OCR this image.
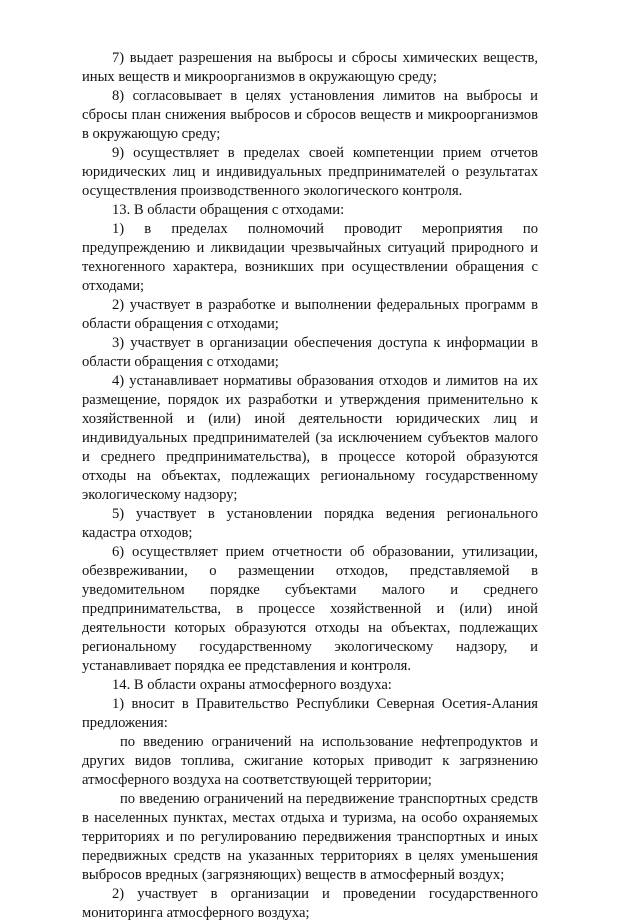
7) выдает разрешения на выбросы и сбросы химических веществ, иных веществ и микроорганизмов в окружающую среду;

8) согласовывает в целях установления лимитов на выбросы и сбросы план снижения выбросов и сбросов веществ и микроорганизмов в окружающую среду;

9) осуществляет в пределах своей компетенции прием отчетов юридических лиц и индивидуальных предпринимателей о результатах осуществления производственного экологического контроля.

13. В области обращения с отходами:

1) в пределах полномочий проводит мероприятия по предупреждению и ликвидации чрезвычайных ситуаций природного и техногенного характера, возникших при осуществлении обращения с отходами;

2) участвует в разработке и выполнении федеральных программ в области обращения с отходами;

3) участвует в организации обеспечения доступа к информации в области обращения с отходами;

4) устанавливает нормативы образования отходов и лимитов на их размещение, порядок их разработки и утверждения применительно к хозяйственной и (или) иной деятельности юридических лиц и индивидуальных предпринимателей (за исключением субъектов малого и среднего предпринимательства), в процессе которой образуются отходы на объектах, подлежащих региональному государственному экологическому надзору;

5) участвует в установлении порядка ведения регионального кадастра отходов;

6) осуществляет прием отчетности об образовании, утилизации, обезвреживании, о размещении отходов, представляемой в уведомительном порядке субъектами малого и среднего предпринимательства, в процессе хозяйственной и (или) иной деятельности которых образуются отходы на объектах, подлежащих региональному государственному экологическому надзору, и устанавливает порядка ее представления и контроля.

14. В области охраны атмосферного воздуха:

1) вносит в Правительство Республики Северная Осетия-Алания предложения:

по введению ограничений на использование нефтепродуктов и других видов топлива, сжигание которых приводит к загрязнению атмосферного воздуха на соответствующей территории;

по введению ограничений на передвижение транспортных средств в населенных пунктах, местах отдыха и туризма, на особо охраняемых территориях и по регулированию передвижения транспортных и иных передвижных средств на указанных территориях в целях уменьшения выбросов вредных (загрязняющих) веществ в атмосферный воздух;

2) участвует в организации и проведении государственного мониторинга атмосферного воздуха;
